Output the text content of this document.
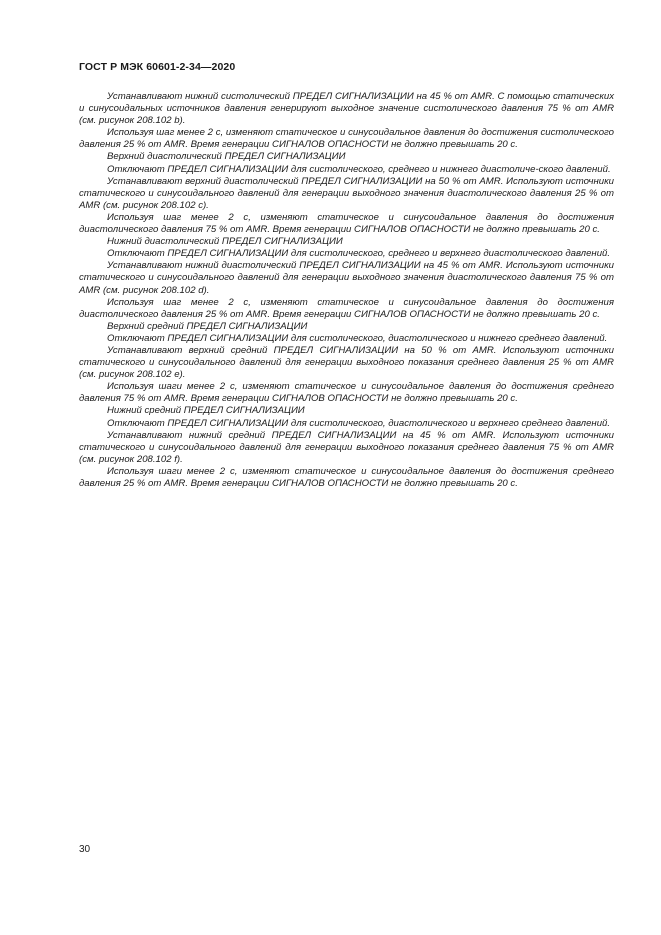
ГОСТ Р МЭК 60601-2-34—2020

Устанавливают нижний систолический ПРЕДЕЛ СИГНАЛИЗАЦИИ на 45 % от AMR. С помощью статических и синусоидальных источников давления генерируют выходное значение систолического давления 75 % от AMR (см. рисунок 208.102 b).

Используя шаг менее 2 с, изменяют статическое и синусоидальное давления до достижения систолического давления 25 % от AMR. Время генерации СИГНАЛОВ ОПАСНОСТИ не должно превышать 20 с.

Верхний диастолический ПРЕДЕЛ СИГНАЛИЗАЦИИ

Отключают ПРЕДЕЛ СИГНАЛИЗАЦИИ для систолического, среднего и нижнего диастоличе-ского давлений.

Устанавливают верхний диастолический ПРЕДЕЛ СИГНАЛИЗАЦИИ на 50 % от AMR. Используют источники статического и синусоидального давлений для генерации выходного значения диастолического давления 25 % от AMR (см. рисунок 208.102 с).

Используя шаг менее 2 с, изменяют статическое и синусоидальное давления до достижения диастолического давления 75 % от AMR. Время генерации СИГНАЛОВ ОПАСНОСТИ не должно превышать 20 с.

Нижний диастолический ПРЕДЕЛ СИГНАЛИЗАЦИИ

Отключают ПРЕДЕЛ СИГНАЛИЗАЦИИ для систолического, среднего и верхнего диастолического давлений.

Устанавливают нижний диастолический ПРЕДЕЛ СИГНАЛИЗАЦИИ на 45 % от AMR. Используют источники статического и синусоидального давлений для генерации выходного значения диастолического давления 75 % от AMR (см. рисунок 208.102 d).

Используя шаг менее 2 с, изменяют статическое и синусоидальное давления до достижения диастолического давления 25 % от AMR. Время генерации СИГНАЛОВ ОПАСНОСТИ не должно превышать 20 с.

Верхний средний ПРЕДЕЛ СИГНАЛИЗАЦИИ

Отключают ПРЕДЕЛ СИГНАЛИЗАЦИИ для систолического, диастолического и нижнего среднего давлений.

Устанавливают верхний средний ПРЕДЕЛ СИГНАЛИЗАЦИИ на 50 % от AMR. Используют источники статического и синусоидального давлений для генерации выходного показания среднего давления 25 % от AMR (см. рисунок 208.102 е).

Используя шаги менее 2 с, изменяют статическое и синусоидальное давления до достижения среднего давления 75 % от AMR. Время генерации СИГНАЛОВ ОПАСНОСТИ не должно превышать 20 с.

Нижний средний ПРЕДЕЛ СИГНАЛИЗАЦИИ

Отключают ПРЕДЕЛ СИГНАЛИЗАЦИИ для систолического, диастолического и верхнего среднего давлений.

Устанавливают нижний средний ПРЕДЕЛ СИГНАЛИЗАЦИИ на 45 % от AMR. Используют источники статического и синусоидального давлений для генерации выходного показания среднего давления 75 % от AMR (см. рисунок 208.102 f).

Используя шаги менее 2 с, изменяют статическое и синусоидальное давления до достижения среднего давления 25 % от AMR. Время генерации СИГНАЛОВ ОПАСНОСТИ не должно превышать 20 с.

30
